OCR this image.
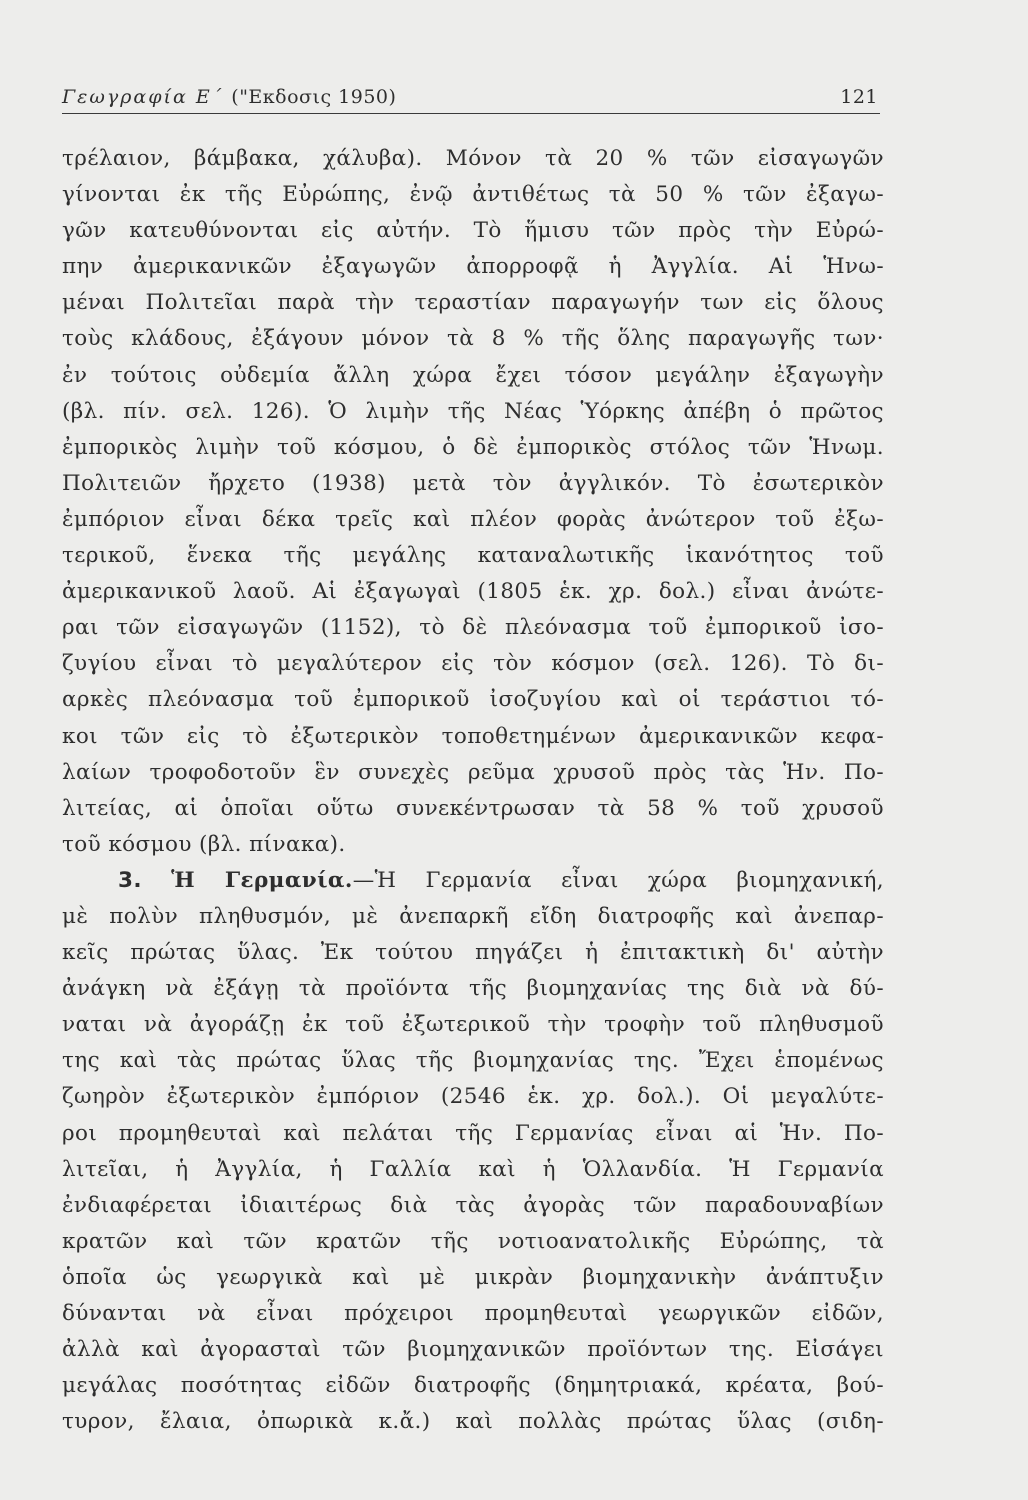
Γεωγραφία Ε΄ ("Εκδοσις 1950)	121
τρέλαιον, βάμβακα, χάλυβα). Μόνον τὰ 20 % τῶν εἰσαγωγῶν
γίνονται ἐκ τῆς Εὐρώπης, ἐνῷ ἀντιθέτως τὰ 50 % τῶν ἐξαγω-
γῶν κατευθύνονται εἰς αὐτήν. Τὸ ἥμισυ τῶν πρὸς τὴν Εὐρώ-
πην ἀμερικανικῶν ἐξαγωγῶν ἀπορροφᾷ ἡ Ἀγγλία. Αἱ Ἡνω-
μέναι Πολιτεῖαι παρὰ τὴν τεραστίαν παραγωγήν των εἰς ὅλους
τοὺς κλάδους, ἐξάγουν μόνον τὰ 8 % τῆς ὅλης παραγωγῆς των·
ἐν τούτοις οὐδεμία ἄλλη χώρα ἔχει τόσον μεγάλην ἐξαγωγὴν
(βλ. πίν. σελ. 126). Ὁ λιμὴν τῆς Νέας Ὑόρκης ἀπέβη ὁ πρῶτος
ἐμπορικὸς λιμὴν τοῦ κόσμου, ὁ δὲ ἐμπορικὸς στόλος τῶν Ἡνωμ.
Πολιτειῶν ἤρχετο (1938) μετὰ τὸν ἀγγλικόν. Τὸ ἐσωτερικὸν
ἐμπόριον εἶναι δέκα τρεῖς καὶ πλέον φορὰς ἀνώτερον τοῦ ἐξω-
τερικοῦ, ἕνεκα τῆς μεγάλης καταναλωτικῆς ἱκανότητος τοῦ
ἀμερικανικοῦ λαοῦ. Αἱ ἐξαγωγαὶ (1805 ἑκ. χρ. δολ.) εἶναι ἀνώτε-
ραι τῶν εἰσαγωγῶν (1152), τὸ δὲ πλεόνασμα τοῦ ἐμπορικοῦ ἰσο-
ζυγίου εἶναι τὸ μεγαλύτερον εἰς τὸν κόσμον (σελ. 126). Τὸ δι-
αρκὲς πλεόνασμα τοῦ ἐμπορικοῦ ἰσοζυγίου καὶ οἱ τεράστιοι τό-
κοι τῶν εἰς τὸ ἐξωτερικὸν τοποθετημένων ἀμερικανικῶν κεφα-
λαίων τροφοδοτοῦν ἓν συνεχὲς ρεῦμα χρυσοῦ πρὸς τὰς Ἡν. Πο-
λιτείας, αἱ ὁποῖαι οὕτω συνεκέντρωσαν τὰ 58 % τοῦ χρυσοῦ
τοῦ κόσμου (βλ. πίνακα).
3. Ἡ Γερμανία.—Ἡ Γερμανία εἶναι χώρα βιομηχανική,
μὲ πολὺν πληθυσμόν, μὲ ἀνεπαρκῆ εἴδη διατροφῆς καὶ ἀνεπαρ-
κεῖς πρώτας ὕλας. Ἐκ τούτου πηγάζει ἡ ἐπιτακτικὴ δι' αὐτὴν
ἀνάγκη νὰ ἐξάγῃ τὰ προϊόντα τῆς βιομηχανίας της διὰ νὰ δύ-
ναται νὰ ἀγοράζῃ ἐκ τοῦ ἐξωτερικοῦ τὴν τροφὴν τοῦ πληθυσμοῦ
της καὶ τὰς πρώτας ὕλας τῆς βιομηχανίας της. Ἔχει ἑπομένως
ζωηρὸν ἐξωτερικὸν ἐμπόριον (2546 ἑκ. χρ. δολ.). Οἱ μεγαλύτε-
ροι προμηθευταὶ καὶ πελάται τῆς Γερμανίας εἶναι αἱ Ἡν. Πο-
λιτεῖαι, ἡ Ἀγγλία, ἡ Γαλλία καὶ ἡ Ὁλλανδία. Ἡ Γερμανία
ἐνδιαφέρεται ἰδιαιτέρως διὰ τὰς ἀγορὰς τῶν παραδουναβίων
κρατῶν καὶ τῶν κρατῶν τῆς νοτιοανατολικῆς Εὐρώπης, τὰ
ὁποῖα ὡς γεωργικὰ καὶ μὲ μικρὰν βιομηχανικὴν ἀνάπτυξιν
δύνανται νὰ εἶναι πρόχειροι προμηθευταὶ γεωργικῶν εἰδῶν,
ἀλλὰ καὶ ἀγορασταὶ τῶν βιομηχανικῶν προϊόντων της. Εἰσάγει
μεγάλας ποσότητας εἰδῶν διατροφῆς (δημητριακά, κρέατα, βού-
τυρον, ἔλαια, ὀπωρικὰ κ.ἄ.) καὶ πολλὰς πρώτας ὕλας (σιδη-
